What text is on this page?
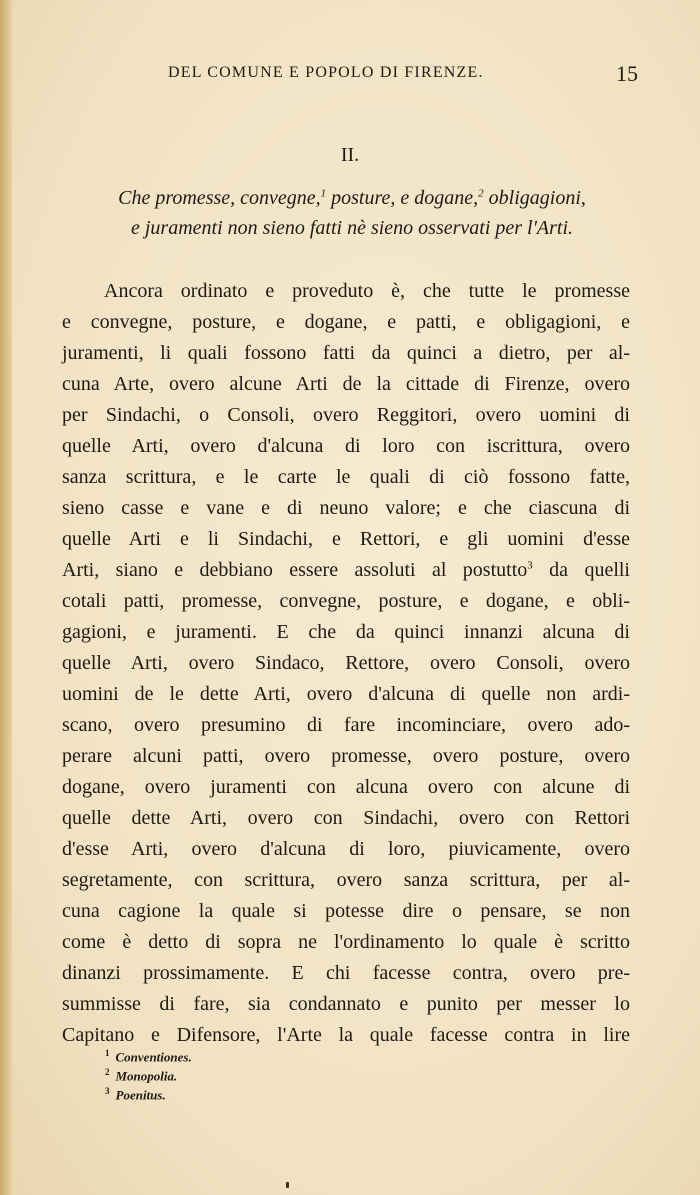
DEL COMUNE E POPOLO DI FIRENZE.	15
II.
Che promesse, convegne,$^1$ posture, e dogane,$^2$ obligagioni,
e juramenti non sieno fatti nè sieno osservati per l'Arti.
Ancora ordinato e proveduto è, che tutte le promesse
e convegne, posture, e dogane, e patti, e obligagioni, e
juramenti, li quali fossono fatti da quinci a dietro, per al-
cuna Arte, overo alcune Arti de la cittade di Firenze, overo
per Sindachi, o Consoli, overo Reggitori, overo uomini di
quelle Arti, overo d'alcuna di loro con iscrittura, overo
sanza scrittura, e le carte le quali di ciò fossono fatte,
sieno casse e vane e di neuno valore; e che ciascuna di
quelle Arti e li Sindachi, e Rettori, e gli uomini d'esse
Arti, siano e debbiano essere assoluti al postutto$^3$ da quelli
cotali patti, promesse, convegne, posture, e dogane, e obli-
gagioni, e juramenti. E che da quinci innanzi alcuna di
quelle Arti, overo Sindaco, Rettore, overo Consoli, overo
uomini de le dette Arti, overo d'alcuna di quelle non ardi-
scano, overo presumino di fare incominciare, overo ado-
perare alcuni patti, overo promesse, overo posture, overo
dogane, overo juramenti con alcuna overo con alcune di
quelle dette Arti, overo con Sindachi, overo con Rettori
d'esse Arti, overo d'alcuna di loro, piuvicamente, overo
segretamente, con scrittura, overo sanza scrittura, per al-
cuna cagione la quale si potesse dire o pensare, se non
come è detto di sopra ne l'ordinamento lo quale è scritto
dinanzi prossimamente. E chi facesse contra, overo pre-
summisse di fare, sia condannato e punito per messer lo
Capitano e Difensore, l'Arte la quale facesse contra in lire
$^1$ Conventiones.
$^2$ Monopolia.
$^3$ Poenitus.
